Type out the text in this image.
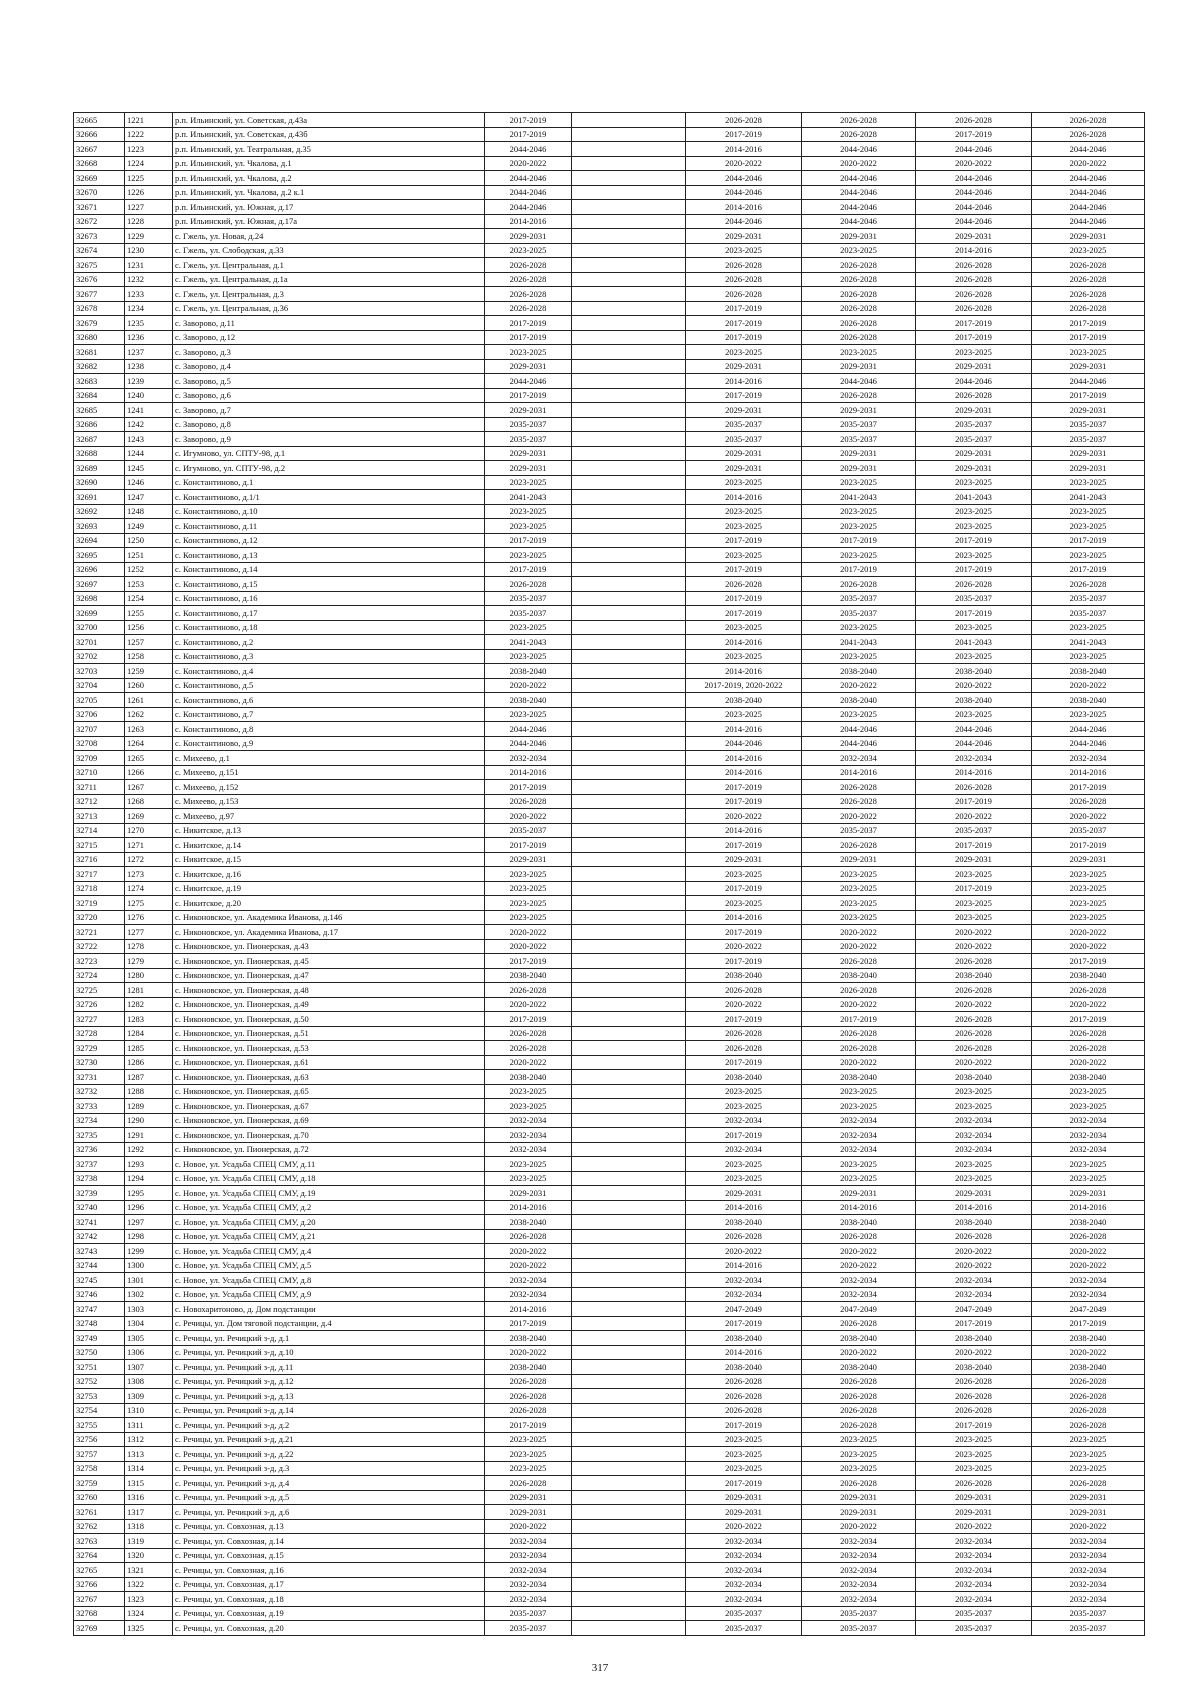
32665	1221	р.п. Ильинский, ул. Советская, д.43а	2017-2019		2026-2028	2026-2028	2026-2028	2026-2028
32666	1222	р.п. Ильинский, ул. Советская, д.43б	2017-2019		2017-2019	2026-2028	2017-2019	2026-2028
32667	1223	р.п. Ильинский, ул. Театральная, д.35	2044-2046		2014-2016	2044-2046	2044-2046	2044-2046
32668	1224	р.п. Ильинский, ул. Чкалова, д.1	2020-2022		2020-2022	2020-2022	2020-2022	2020-2022
32669	1225	р.п. Ильинский, ул. Чкалова, д.2	2044-2046		2044-2046	2044-2046	2044-2046	2044-2046
32670	1226	р.п. Ильинский, ул. Чкалова, д.2 к.1	2044-2046		2044-2046	2044-2046	2044-2046	2044-2046
32671	1227	р.п. Ильинский, ул. Южная, д.17	2044-2046		2014-2016	2044-2046	2044-2046	2044-2046
32672	1228	р.п. Ильинский, ул. Южная, д.17а	2014-2016		2044-2046	2044-2046	2044-2046	2044-2046
32673	1229	с. Гжель, ул. Новая, д.24	2029-2031		2029-2031	2029-2031	2029-2031	2029-2031
32674	1230	с. Гжель, ул. Слободская, д.33	2023-2025		2023-2025	2023-2025	2014-2016	2023-2025
32675	1231	с. Гжель, ул. Центральная, д.1	2026-2028		2026-2028	2026-2028	2026-2028	2026-2028
32676	1232	с. Гжель, ул. Центральная, д.1а	2026-2028		2026-2028	2026-2028	2026-2028	2026-2028
32677	1233	с. Гжель, ул. Центральная, д.3	2026-2028		2026-2028	2026-2028	2026-2028	2026-2028
32678	1234	с. Гжель, ул. Центральная, д.36	2026-2028		2017-2019	2026-2028	2026-2028	2026-2028
32679	1235	с. Заворово, д.11	2017-2019		2017-2019	2026-2028	2017-2019	2017-2019
32680	1236	с. Заворово, д.12	2017-2019		2017-2019	2026-2028	2017-2019	2017-2019
32681	1237	с. Заворово, д.3	2023-2025		2023-2025	2023-2025	2023-2025	2023-2025
32682	1238	с. Заворово, д.4	2029-2031		2029-2031	2029-2031	2029-2031	2029-2031
32683	1239	с. Заворово, д.5	2044-2046		2014-2016	2044-2046	2044-2046	2044-2046
32684	1240	с. Заворово, д.6	2017-2019		2017-2019	2026-2028	2026-2028	2017-2019
32685	1241	с. Заворово, д.7	2029-2031		2029-2031	2029-2031	2029-2031	2029-2031
32686	1242	с. Заворово, д.8	2035-2037		2035-2037	2035-2037	2035-2037	2035-2037
32687	1243	с. Заворово, д.9	2035-2037		2035-2037	2035-2037	2035-2037	2035-2037
32688	1244	с. Игумново, ул. СПТУ-98, д.1	2029-2031		2029-2031	2029-2031	2029-2031	2029-2031
32689	1245	с. Игумново, ул. СПТУ-98, д.2	2029-2031		2029-2031	2029-2031	2029-2031	2029-2031
32690	1246	с. Константиново, д.1	2023-2025		2023-2025	2023-2025	2023-2025	2023-2025
32691	1247	с. Константиново, д.1/1	2041-2043		2014-2016	2041-2043	2041-2043	2041-2043
32692	1248	с. Константиново, д.10	2023-2025		2023-2025	2023-2025	2023-2025	2023-2025
32693	1249	с. Константиново, д.11	2023-2025		2023-2025	2023-2025	2023-2025	2023-2025
32694	1250	с. Константиново, д.12	2017-2019		2017-2019	2017-2019	2017-2019	2017-2019
32695	1251	с. Константиново, д.13	2023-2025		2023-2025	2023-2025	2023-2025	2023-2025
32696	1252	с. Константиново, д.14	2017-2019		2017-2019	2017-2019	2017-2019	2017-2019
32697	1253	с. Константиново, д.15	2026-2028		2026-2028	2026-2028	2026-2028	2026-2028
32698	1254	с. Константиново, д.16	2035-2037		2017-2019	2035-2037	2035-2037	2035-2037
32699	1255	с. Константиново, д.17	2035-2037		2017-2019	2035-2037	2017-2019	2035-2037
32700	1256	с. Константиново, д.18	2023-2025		2023-2025	2023-2025	2023-2025	2023-2025
32701	1257	с. Константиново, д.2	2041-2043		2014-2016	2041-2043	2041-2043	2041-2043
32702	1258	с. Константиново, д.3	2023-2025		2023-2025	2023-2025	2023-2025	2023-2025
32703	1259	с. Константиново, д.4	2038-2040		2014-2016	2038-2040	2038-2040	2038-2040
32704	1260	с. Константиново, д.5	2020-2022		2017-2019, 2020-2022	2020-2022	2020-2022	2020-2022
32705	1261	с. Константиново, д.6	2038-2040		2038-2040	2038-2040	2038-2040	2038-2040
32706	1262	с. Константиново, д.7	2023-2025		2023-2025	2023-2025	2023-2025	2023-2025
32707	1263	с. Константиново, д.8	2044-2046		2014-2016	2044-2046	2044-2046	2044-2046
32708	1264	с. Константиново, д.9	2044-2046		2044-2046	2044-2046	2044-2046	2044-2046
32709	1265	с. Михеево, д.1	2032-2034		2014-2016	2032-2034	2032-2034	2032-2034
32710	1266	с. Михеево, д.151	2014-2016		2014-2016	2014-2016	2014-2016	2014-2016
32711	1267	с. Михеево, д.152	2017-2019		2017-2019	2026-2028	2026-2028	2017-2019
32712	1268	с. Михеево, д.153	2026-2028		2017-2019	2026-2028	2017-2019	2026-2028
32713	1269	с. Михеево, д.97	2020-2022		2020-2022	2020-2022	2020-2022	2020-2022
32714	1270	с. Никитское, д.13	2035-2037		2014-2016	2035-2037	2035-2037	2035-2037
32715	1271	с. Никитское, д.14	2017-2019		2017-2019	2026-2028	2017-2019	2017-2019
32716	1272	с. Никитское, д.15	2029-2031		2029-2031	2029-2031	2029-2031	2029-2031
32717	1273	с. Никитское, д.16	2023-2025		2023-2025	2023-2025	2023-2025	2023-2025
32718	1274	с. Никитское, д.19	2023-2025		2017-2019	2023-2025	2017-2019	2023-2025
32719	1275	с. Никитское, д.20	2023-2025		2023-2025	2023-2025	2023-2025	2023-2025
32720	1276	с. Никоновское, ул. Академика Иванова, д.146	2023-2025		2014-2016	2023-2025	2023-2025	2023-2025
32721	1277	с. Никоновское, ул. Академика Иванова, д.17	2020-2022		2017-2019	2020-2022	2020-2022	2020-2022
32722	1278	с. Никоновское, ул. Пионерская, д.43	2020-2022		2020-2022	2020-2022	2020-2022	2020-2022
32723	1279	с. Никоновское, ул. Пионерская, д.45	2017-2019		2017-2019	2026-2028	2026-2028	2017-2019
32724	1280	с. Никоновское, ул. Пионерская, д.47	2038-2040		2038-2040	2038-2040	2038-2040	2038-2040
32725	1281	с. Никоновское, ул. Пионерская, д.48	2026-2028		2026-2028	2026-2028	2026-2028	2026-2028
32726	1282	с. Никоновское, ул. Пионерская, д.49	2020-2022		2020-2022	2020-2022	2020-2022	2020-2022
32727	1283	с. Никоновское, ул. Пионерская, д.50	2017-2019		2017-2019	2017-2019	2026-2028	2017-2019
32728	1284	с. Никоновское, ул. Пионерская, д.51	2026-2028		2026-2028	2026-2028	2026-2028	2026-2028
32729	1285	с. Никоновское, ул. Пионерская, д.53	2026-2028		2026-2028	2026-2028	2026-2028	2026-2028
32730	1286	с. Никоновское, ул. Пионерская, д.61	2020-2022		2017-2019	2020-2022	2020-2022	2020-2022
32731	1287	с. Никоновское, ул. Пионерская, д.63	2038-2040		2038-2040	2038-2040	2038-2040	2038-2040
32732	1288	с. Никоновское, ул. Пионерская, д.65	2023-2025		2023-2025	2023-2025	2023-2025	2023-2025
32733	1289	с. Никоновское, ул. Пионерская, д.67	2023-2025		2023-2025	2023-2025	2023-2025	2023-2025
32734	1290	с. Никоновское, ул. Пионерская, д.69	2032-2034		2032-2034	2032-2034	2032-2034	2032-2034
32735	1291	с. Никоновское, ул. Пионерская, д.70	2032-2034		2017-2019	2032-2034	2032-2034	2032-2034
32736	1292	с. Никоновское, ул. Пионерская, д.72	2032-2034		2032-2034	2032-2034	2032-2034	2032-2034
32737	1293	с. Новое, ул. Усадьба СПЕЦ СМУ, д.11	2023-2025		2023-2025	2023-2025	2023-2025	2023-2025
32738	1294	с. Новое, ул. Усадьба СПЕЦ СМУ, д.18	2023-2025		2023-2025	2023-2025	2023-2025	2023-2025
32739	1295	с. Новое, ул. Усадьба СПЕЦ СМУ, д.19	2029-2031		2029-2031	2029-2031	2029-2031	2029-2031
32740	1296	с. Новое, ул. Усадьба СПЕЦ СМУ, д.2	2014-2016		2014-2016	2014-2016	2014-2016	2014-2016
32741	1297	с. Новое, ул. Усадьба СПЕЦ СМУ, д.20	2038-2040		2038-2040	2038-2040	2038-2040	2038-2040
32742	1298	с. Новое, ул. Усадьба СПЕЦ СМУ, д.21	2026-2028		2026-2028	2026-2028	2026-2028	2026-2028
32743	1299	с. Новое, ул. Усадьба СПЕЦ СМУ, д.4	2020-2022		2020-2022	2020-2022	2020-2022	2020-2022
32744	1300	с. Новое, ул. Усадьба СПЕЦ СМУ, д.5	2020-2022		2014-2016	2020-2022	2020-2022	2020-2022
32745	1301	с. Новое, ул. Усадьба СПЕЦ СМУ, д.8	2032-2034		2032-2034	2032-2034	2032-2034	2032-2034
32746	1302	с. Новое, ул. Усадьба СПЕЦ СМУ, д.9	2032-2034		2032-2034	2032-2034	2032-2034	2032-2034
32747	1303	с. Новохаритоново, д. Дом подстанции	2014-2016		2047-2049	2047-2049	2047-2049	2047-2049
32748	1304	с. Речицы, ул. Дом тяговой подстанции, д.4	2017-2019		2017-2019	2026-2028	2017-2019	2017-2019
32749	1305	с. Речицы, ул. Речицкий з-д, д.1	2038-2040		2038-2040	2038-2040	2038-2040	2038-2040
32750	1306	с. Речицы, ул. Речицкий з-д, д.10	2020-2022		2014-2016	2020-2022	2020-2022	2020-2022
32751	1307	с. Речицы, ул. Речицкий з-д, д.11	2038-2040		2038-2040	2038-2040	2038-2040	2038-2040
32752	1308	с. Речицы, ул. Речицкий з-д, д.12	2026-2028		2026-2028	2026-2028	2026-2028	2026-2028
32753	1309	с. Речицы, ул. Речицкий з-д, д.13	2026-2028		2026-2028	2026-2028	2026-2028	2026-2028
32754	1310	с. Речицы, ул. Речицкий з-д, д.14	2026-2028		2026-2028	2026-2028	2026-2028	2026-2028
32755	1311	с. Речицы, ул. Речицкий з-д, д.2	2017-2019		2017-2019	2026-2028	2017-2019	2026-2028
32756	1312	с. Речицы, ул. Речицкий з-д, д.21	2023-2025		2023-2025	2023-2025	2023-2025	2023-2025
32757	1313	с. Речицы, ул. Речицкий з-д, д.22	2023-2025		2023-2025	2023-2025	2023-2025	2023-2025
32758	1314	с. Речицы, ул. Речицкий з-д, д.3	2023-2025		2023-2025	2023-2025	2023-2025	2023-2025
32759	1315	с. Речицы, ул. Речицкий з-д, д.4	2026-2028		2017-2019	2026-2028	2026-2028	2026-2028
32760	1316	с. Речицы, ул. Речицкий з-д, д.5	2029-2031		2029-2031	2029-2031	2029-2031	2029-2031
32761	1317	с. Речицы, ул. Речицкий з-д, д.6	2029-2031		2029-2031	2029-2031	2029-2031	2029-2031
32762	1318	с. Речицы, ул. Совхозная, д.13	2020-2022		2020-2022	2020-2022	2020-2022	2020-2022
32763	1319	с. Речицы, ул. Совхозная, д.14	2032-2034		2032-2034	2032-2034	2032-2034	2032-2034
32764	1320	с. Речицы, ул. Совхозная, д.15	2032-2034		2032-2034	2032-2034	2032-2034	2032-2034
32765	1321	с. Речицы, ул. Совхозная, д.16	2032-2034		2032-2034	2032-2034	2032-2034	2032-2034
32766	1322	с. Речицы, ул. Совхозная, д.17	2032-2034		2032-2034	2032-2034	2032-2034	2032-2034
32767	1323	с. Речицы, ул. Совхозная, д.18	2032-2034		2032-2034	2032-2034	2032-2034	2032-2034
32768	1324	с. Речицы, ул. Совхозная, д.19	2035-2037		2035-2037	2035-2037	2035-2037	2035-2037
32769	1325	с. Речицы, ул. Совхозная, д.20	2035-2037		2035-2037	2035-2037	2035-2037	2035-2037
317
